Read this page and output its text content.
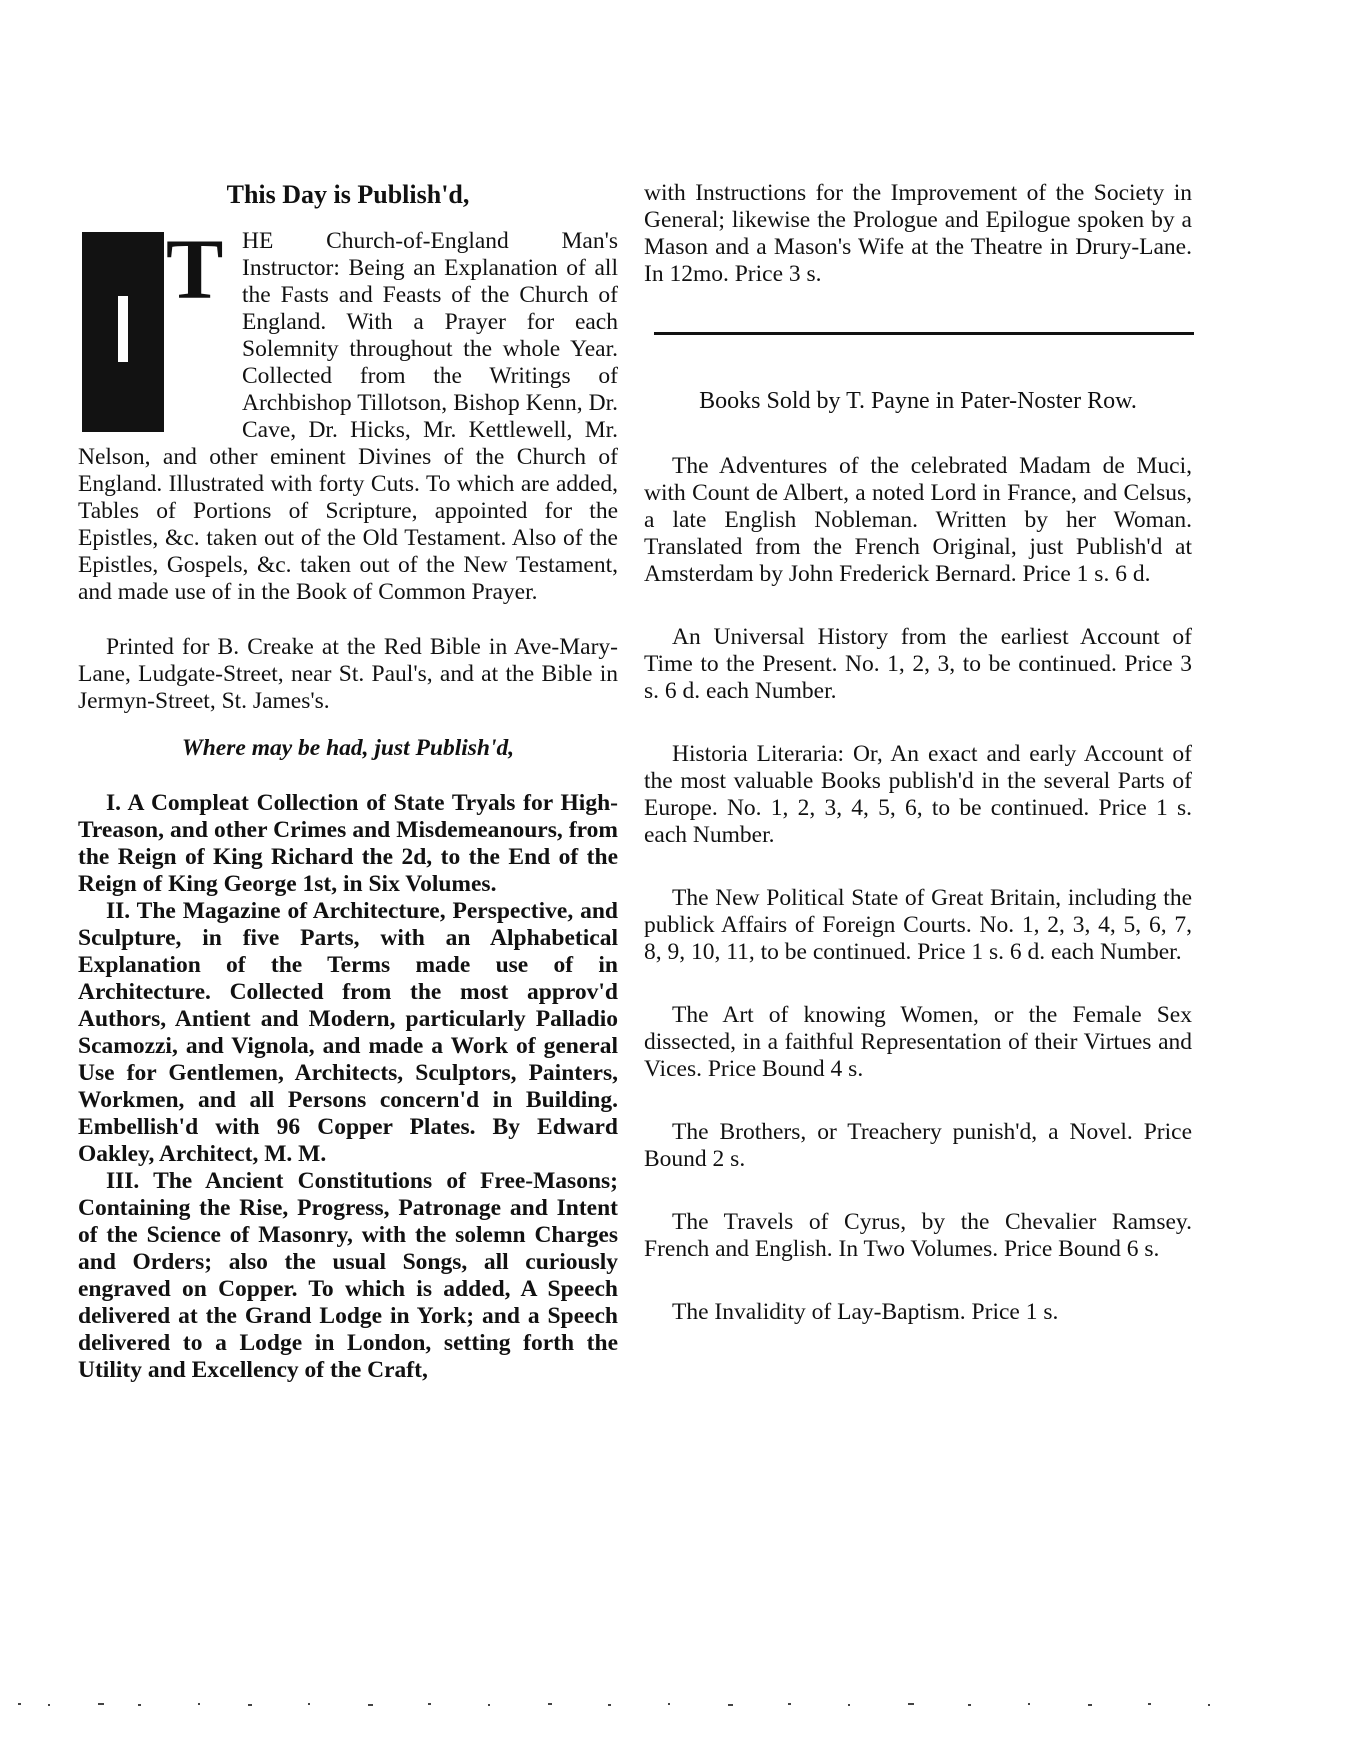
This Day is Publish'd,
T HE Church-of-England Man's Instructor: Being an Explanation of all the Fasts and Feasts of the Church of England. With a Prayer for each Solemnity throughout the whole Year. Collected from the Writings of Archbishop Tillotson, Bishop Kenn, Dr. Cave, Dr. Hicks, Mr. Kettlewell, Mr. Nelson, and other eminent Divines of the Church of England. Illustrated with forty Cuts. To which are added, Tables of Portions of Scripture, appointed for the Epistles, &c. taken out of the Old Testament. Also of the Epistles, Gospels, &c. taken out of the New Testament, and made use of in the Book of Common Prayer.

Printed for B. Creake at the Red Bible in Ave-Mary-Lane, Ludgate-Street, near St. Paul's, and at the Bible in Jermyn-Street, St. James's.

Where may be had, just Publish'd,

I. A Compleat Collection of State Tryals for High-Treason, and other Crimes and Misdemeanours, from the Reign of King Richard the 2d, to the End of the Reign of King George 1st, in Six Volumes.

II. The Magazine of Architecture, Perspective, and Sculpture, in five Parts, with an Alphabetical Explanation of the Terms made use of in Architecture. Collected from the most approv'd Authors, Antient and Modern, particularly Palladio Scamozzi, and Vignola, and made a Work of general Use for Gentlemen, Architects, Sculptors, Painters, Workmen, and all Persons concern'd in Building. Embellish'd with 96 Copper Plates. By Edward Oakley, Architect, M. M.

III. The Ancient Constitutions of Free-Masons; Containing the Rise, Progress, Patronage and Intent of the Science of Masonry, with the solemn Charges and Orders; also the usual Songs, all curiously engraved on Copper. To which is added, A Speech delivered at the Grand Lodge in York; and a Speech delivered to a Lodge in London, setting forth the Utility and Excellency of the Craft,

with Instructions for the Improvement of the Society in General; likewise the Prologue and Epilogue spoken by a Mason and a Mason's Wife at the Theatre in Drury-Lane. In 12mo. Price 3 s.

Books Sold by T. Payne in Pater-Noster Row.

The Adventures of the celebrated Madam de Muci, with Count de Albert, a noted Lord in France, and Celsus, a late English Nobleman. Written by her Woman. Translated from the French Original, just Publish'd at Amsterdam by John Frederick Bernard. Price 1 s. 6 d.

An Universal History from the earliest Account of Time to the Present. No. 1, 2, 3, to be continued. Price 3 s. 6 d. each Number.

Historia Literaria: Or, An exact and early Account of the most valuable Books publish'd in the several Parts of Europe. No. 1, 2, 3, 4, 5, 6, to be continued. Price 1 s. each Number.

The New Political State of Great Britain, including the publick Affairs of Foreign Courts. No. 1, 2, 3, 4, 5, 6, 7, 8, 9, 10, 11, to be continued. Price 1 s. 6 d. each Number.

The Art of knowing Women, or the Female Sex dissected, in a faithful Representation of their Virtues and Vices. Price Bound 4 s.

The Brothers, or Treachery punish'd, a Novel. Price Bound 2 s.

The Travels of Cyrus, by the Chevalier Ramsey. French and English. In Two Volumes. Price Bound 6 s.

The Invalidity of Lay-Baptism. Price 1 s.
